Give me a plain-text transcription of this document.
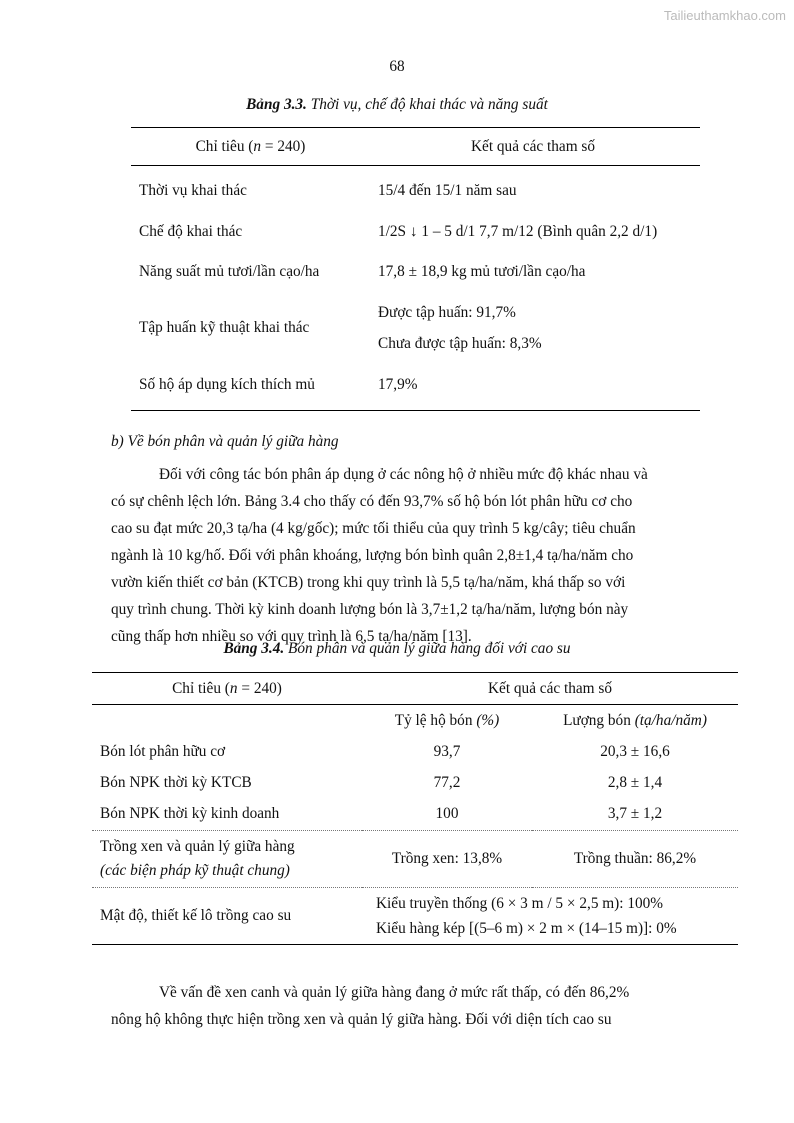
Tailieuthamkhao.com
68
Bảng 3.3. Thời vụ, chế độ khai thác và năng suất
Chỉ tiêu (n = 240)	Kết quả các tham số
Thời vụ khai thác	15/4 đến 15/1 năm sau
Chế độ khai thác	1/2S ↓ 1 – 5 d/1 7,7 m/12 (Bình quân 2,2 d/1)
Năng suất mủ tươi/lần cạo/ha	17,8 ± 18,9 kg mủ tươi/lần cạo/ha
Tập huấn kỹ thuật khai thác	Được tập huấn: 91,7%
Chưa được tập huấn: 8,3%

Số hộ áp dụng kích thích mủ	17,9%
b) Về bón phân và quản lý giữa hàng
Đối với công tác bón phân áp dụng ở các nông hộ ở nhiều mức độ khác nhau và
có sự chênh lệch lớn. Bảng 3.4 cho thấy có đến 93,7% số hộ bón lót phân hữu cơ cho
cao su đạt mức 20,3 tạ/ha (4 kg/gốc); mức tối thiểu của quy trình 5 kg/cây; tiêu chuẩn
ngành là 10 kg/hố. Đối với phân khoáng, lượng bón bình quân 2,8±1,4 tạ/ha/năm cho
vườn kiến thiết cơ bản (KTCB) trong khi quy trình là 5,5 tạ/ha/năm, khá thấp so với
quy trình chung. Thời kỳ kinh doanh lượng bón là 3,7±1,2 tạ/ha/năm, lượng bón này
cũng thấp hơn nhiều so với quy trình là 6,5 tạ/ha/năm [13].
Bảng 3.4. Bón phân và quản lý giữa hàng đối với cao su
Chỉ tiêu (n = 240)	Kết quả các tham số	
	Tỷ lệ hộ bón (%)	Lượng bón (tạ/ha/năm)
Bón lót phân hữu cơ	93,7	20,3 ± 16,6
Bón NPK thời kỳ KTCB	77,2	2,8 ± 1,4
Bón NPK thời kỳ kinh doanh	100	3,7 ± 1,2

Trồng xen và quản lý giữa hàng
(các biện pháp kỹ thuật chung)	Trồng xen: 13,8%	Trồng thuần: 86,2%
Mật độ, thiết kế lô trồng cao su	Kiểu truyền thống (6 × 3 m / 5 × 2,5 m): 100%
Kiểu hàng kép [(5–6 m) × 2 m × (14–15 m)]: 0%	
Về vấn đề xen canh và quản lý giữa hàng đang ở mức rất thấp, có đến 86,2%
nông hộ không thực hiện trồng xen và quản lý giữa hàng. Đối với diện tích cao su
